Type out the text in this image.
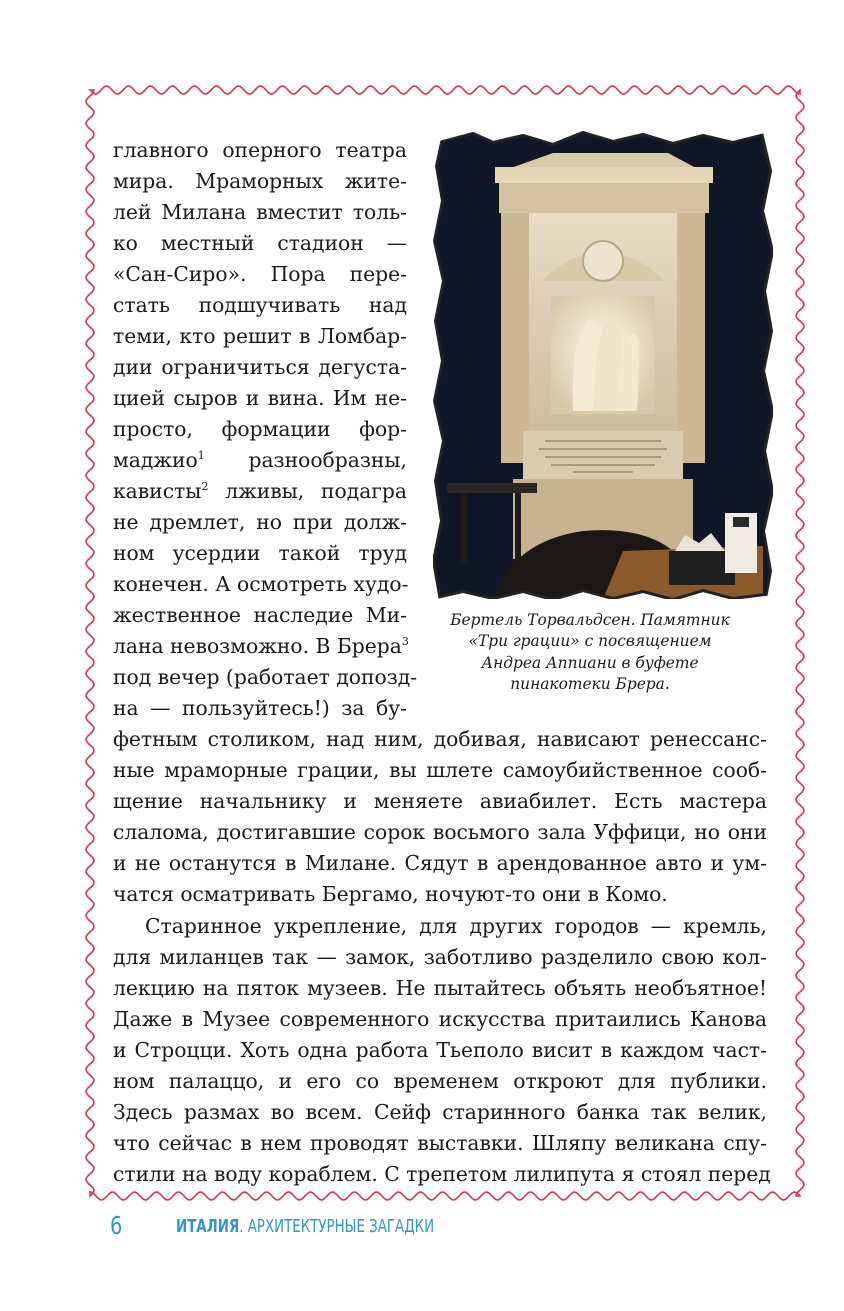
главного оперного театра
мира. Мраморных жите-
лей Милана вместит толь-
ко местный стадион —
«Сан-Сиро». Пора пере-
стать подшучивать над
теми, кто решит в Ломбар-
дии ограничиться дегуста-
цией сыров и вина. Им не-
просто, формации фор-
маджио$^1$ разнообразны,
кависты$^2$ лживы, подагра
не дремлет, но при долж-
ном усердии такой труд
конечен. А осмотреть худо-
жественное наследие Ми-
лана невозможно. В Брера$^3$
под вечер (работает допозд-
на — пользуйтесь!) за бу-
фетным столиком, над ним, добивая, нависают ренессанс-
ные мраморные грации, вы шлете самоубийственное сооб-
щение начальнику и меняете авиабилет. Есть мастера
слалома, достигавшие сорок восьмого зала Уффици, но они
и не останутся в Милане. Сядут в арендованное авто и ум-
чатся осматривать Бергамо, ночуют-то они в Комо.
Старинное укрепление, для других городов — кремль,
для миланцев так — замок, заботливо разделило свою кол-
лекцию на пяток музеев. Не пытайтесь объять необъятное!
Даже в Музее современного искусства притаились Канова
и Строцци. Хоть одна работа Тьеполо висит в каждом част-
ном палаццо, и его со временем откроют для публики.
Здесь размах во всем. Сейф старинного банка так велик,
что сейчас в нем проводят выставки. Шляпу великана спу-
стили на воду кораблем. С трепетом лилипута я стоял перед
Бертель Торвальдсен. Памятник
«Три грации» с посвящением
Андреа Аппиани в буфете
пинакотеки Брера.
6	ИТАЛИЯ. АРХИТЕКТУРНЫЕ ЗАГАДКИ
